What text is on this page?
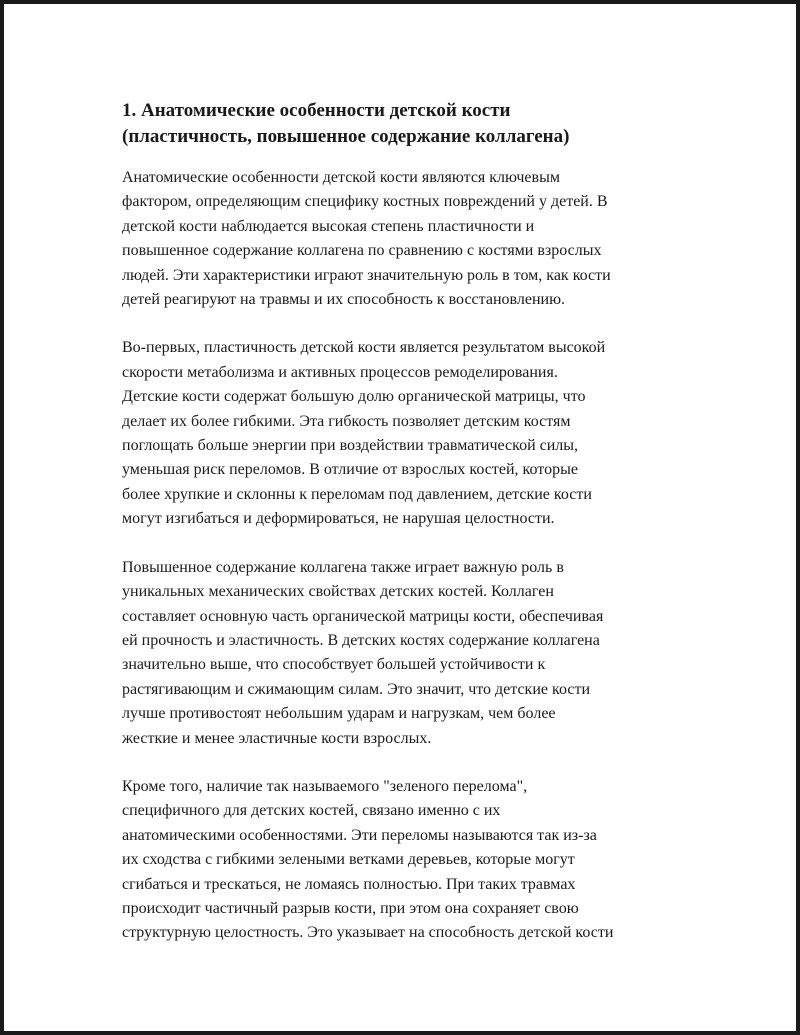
1. Анатомические особенности детской кости
(пластичность, повышенное содержание коллагена)

Анатомические особенности детской кости являются ключевым
фактором, определяющим специфику костных повреждений у детей. В
детской кости наблюдается высокая степень пластичности и
повышенное содержание коллагена по сравнению с костями взрослых
людей. Эти характеристики играют значительную роль в том, как кости
детей реагируют на травмы и их способность к восстановлению.

Во-первых, пластичность детской кости является результатом высокой
скорости метаболизма и активных процессов ремоделирования.
Детские кости содержат большую долю органической матрицы, что
делает их более гибкими. Эта гибкость позволяет детским костям
поглощать больше энергии при воздействии травматической силы,
уменьшая риск переломов. В отличие от взрослых костей, которые
более хрупкие и склонны к переломам под давлением, детские кости
могут изгибаться и деформироваться, не нарушая целостности.

Повышенное содержание коллагена также играет важную роль в
уникальных механических свойствах детских костей. Коллаген
составляет основную часть органической матрицы кости, обеспечивая
ей прочность и эластичность. В детских костях содержание коллагена
значительно выше, что способствует большей устойчивости к
растягивающим и сжимающим силам. Это значит, что детские кости
лучше противостоят небольшим ударам и нагрузкам, чем более
жесткие и менее эластичные кости взрослых.

Кроме того, наличие так называемого "зеленого перелома",
специфичного для детских костей, связано именно с их
анатомическими особенностями. Эти переломы называются так из-за
их сходства с гибкими зелеными ветками деревьев, которые могут
сгибаться и трескаться, не ломаясь полностью. При таких травмах
происходит частичный разрыв кости, при этом она сохраняет свою
структурную целостность. Это указывает на способность детской кости
